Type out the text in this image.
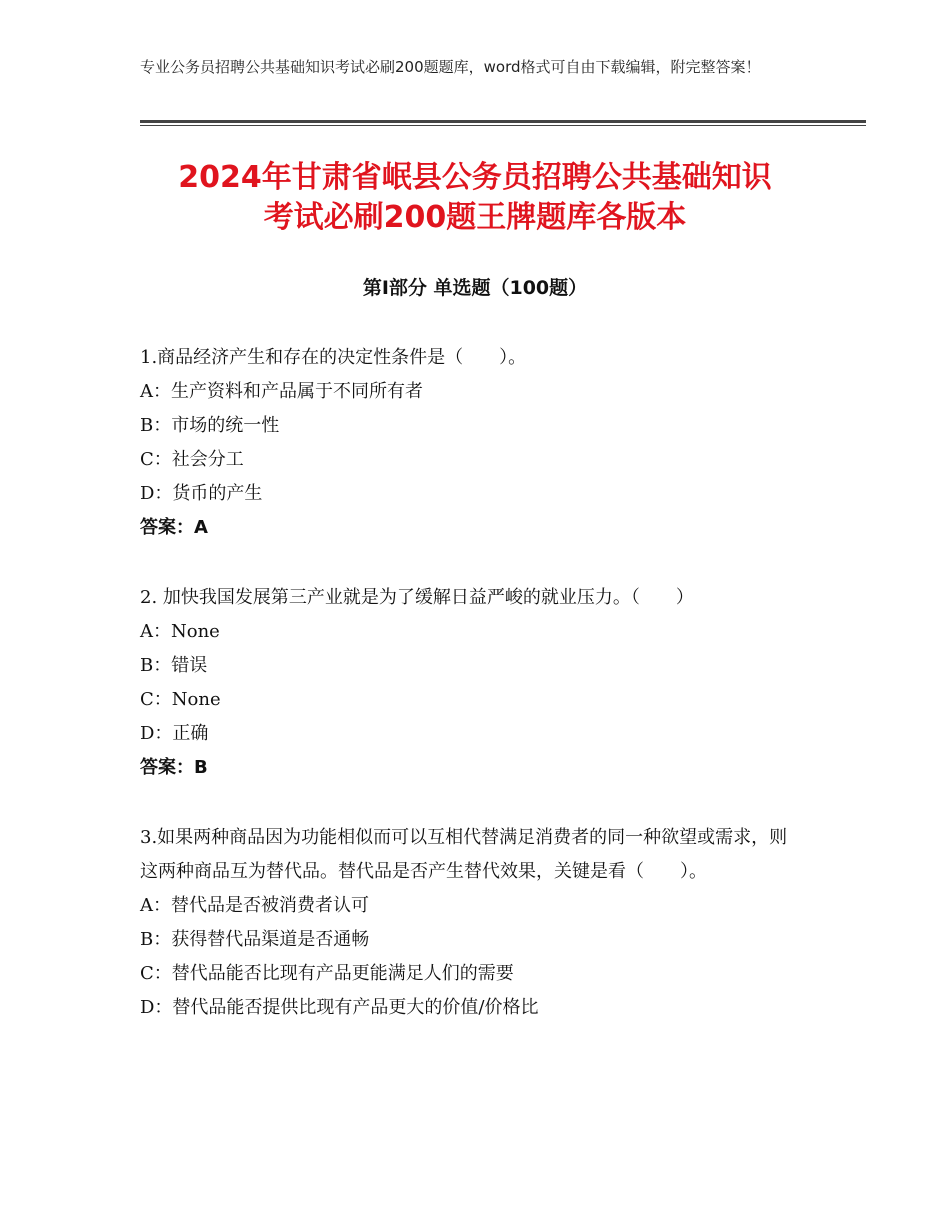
专业公务员招聘公共基础知识考试必刷200题题库，word格式可自由下载编辑，附完整答案！
2024年甘肃省岷县公务员招聘公共基础知识
考试必刷200题王牌题库各版本
第Ⅰ部分 单选题（100题）
1.商品经济产生和存在的决定性条件是（　　）。
A：生产资料和产品属于不同所有者
B：市场的统一性
C：社会分工
D：货币的产生
答案：A
2. 加快我国发展第三产业就是为了缓解日益严峻的就业压力。（　　）
A：None
B：错误
C：None
D：正确
答案：B
3.如果两种商品因为功能相似而可以互相代替满足消费者的同一种欲望或需求，则这两种商品互为替代品。替代品是否产生替代效果，关键是看（　　）。
A：替代品是否被消费者认可
B：获得替代品渠道是否通畅
C：替代品能否比现有产品更能满足人们的需要
D：替代品能否提供比现有产品更大的价值/价格比
